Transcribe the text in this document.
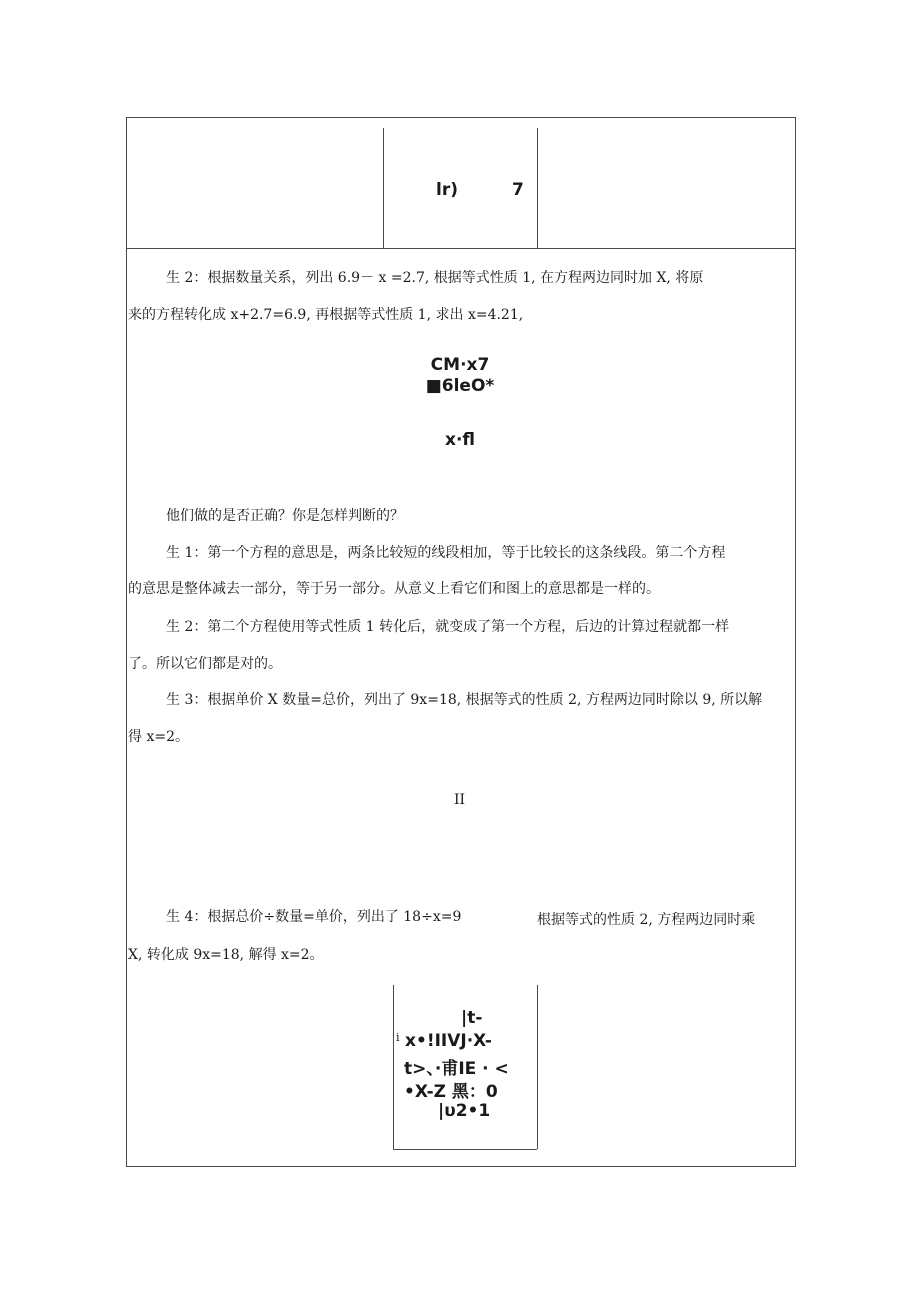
lr)	7
生 2：根据数量关系，列出 6.9－ x =2.7, 根据等式性质 1, 在方程两边同时加 X, 将原
来的方程转化成 x+2.7=6.9, 再根据等式性质 1, 求出 x=4.21,
CM·x7
■6leO*
x·fl
他们做的是否正确？你是怎样判断的？
生 1：第一个方程的意思是，两条比较短的线段相加，等于比较长的这条线段。第二个方程
的意思是整体减去一部分，等于另一部分。从意义上看它们和图上的意思都是一样的。
生 2：第二个方程使用等式性质 1 转化后，就变成了第一个方程，后边的计算过程就都一样
了。所以它们都是对的。
生 3：根据单价 X 数量=总价，列出了 9x=18, 根据等式的性质 2, 方程两边同时除以 9, 所以解
得 x=2。
II
生 4：根据总价÷数量=单价，列出了 18÷x=9	根据等式的性质 2, 方程两边同时乘
X, 转化成 9x=18, 解得 x=2。
i
|t-
x•!IIVJ·X-
t>、·甫IE · <
•X-Z 黑：0
|υ2•1
